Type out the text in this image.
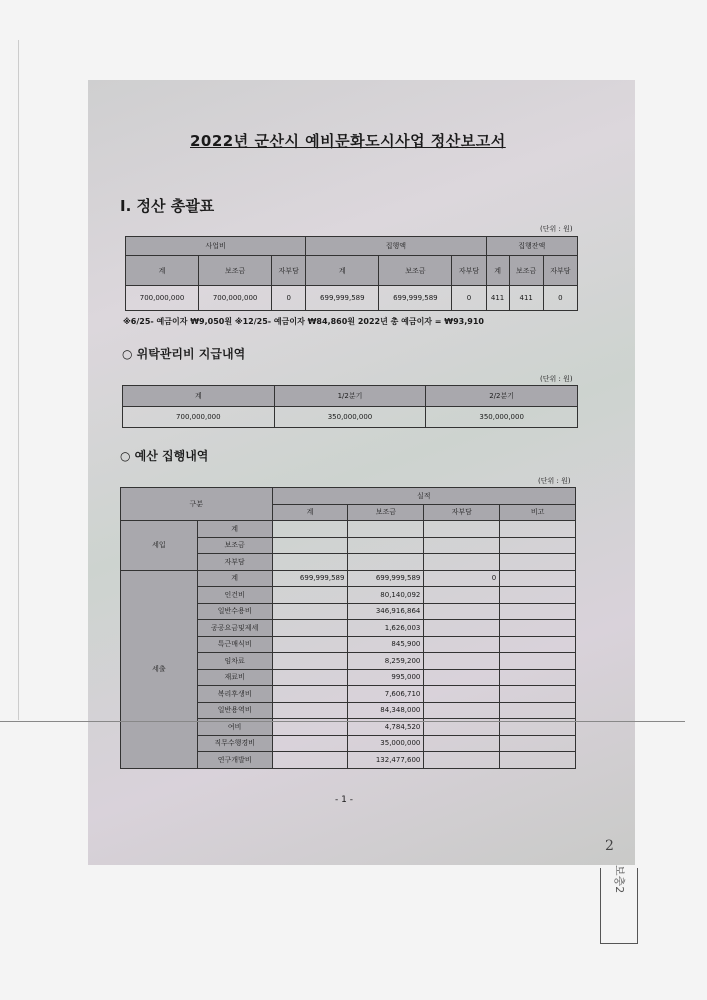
2022년 군산시 예비문화도시사업 정산보고서
I. 정산 총괄표
(단위 : 원)
사업비			집행액			집행잔액		
계	보조금	자부담	계	보조금	자부담	계	보조금	자부담
700,000,000	700,000,000	0	699,999,589	699,999,589	0	411	411	0
※6/25- 예금이자 ₩9,050원 ※12/25- 예금이자 ₩84,860원 2022년 총 예금이자 = ₩93,910
○ 위탁관리비 지급내역
(단위 : 원)
계	1/2분기	2/2분기
700,000,000	350,000,000	350,000,000
○ 예산 집행내역
(단위 : 원)
구분		실적			
		계	보조금	자부담	비고
세입	계				
	보조금				
	자부담				
세출	계	699,999,589	699,999,589	0	
	인건비		80,140,092		
	일반수용비		346,916,864		
	공공요금및제세		1,626,003		
	특근매식비		845,900		
	임차료		8,259,200		
	재료비		995,000		
	복리후생비		7,606,710		
	일반용역비		84,348,000		
	여비		4,784,520		
	직무수행경비		35,000,000		
	연구개발비		132,477,600		
- 1 -
2
보충2
